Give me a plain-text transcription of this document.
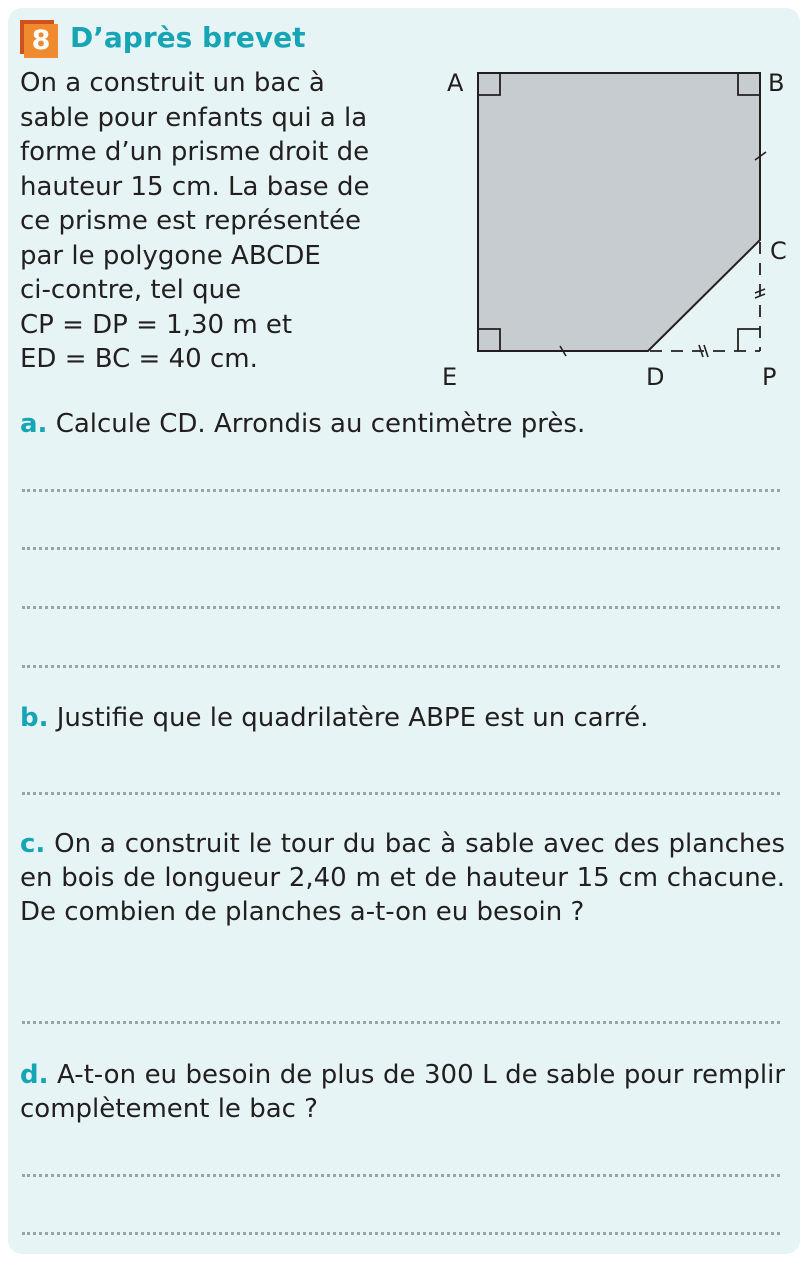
8 D’après brevet
On a construit un bac à
sable pour enfants qui a la
forme d’un prisme droit de
hauteur 15 cm. La base de
ce prisme est représentée
par le polygone ABCDE
ci-contre, tel que
CP = DP = 1,30 m et
ED = BC = 40 cm.
A	B
C
D
E	P
a. Calcule CD. Arrondis au centimètre près.
b. Justifie que le quadrilatère ABPE est un carré.
c. On a construit le tour du bac à sable avec des planches en bois de longueur 2,40 m et de hauteur 15 cm chacune. De combien de planches a-t-on eu besoin ?
d. A-t-on eu besoin de plus de 300 L de sable pour remplir complètement le bac ?
